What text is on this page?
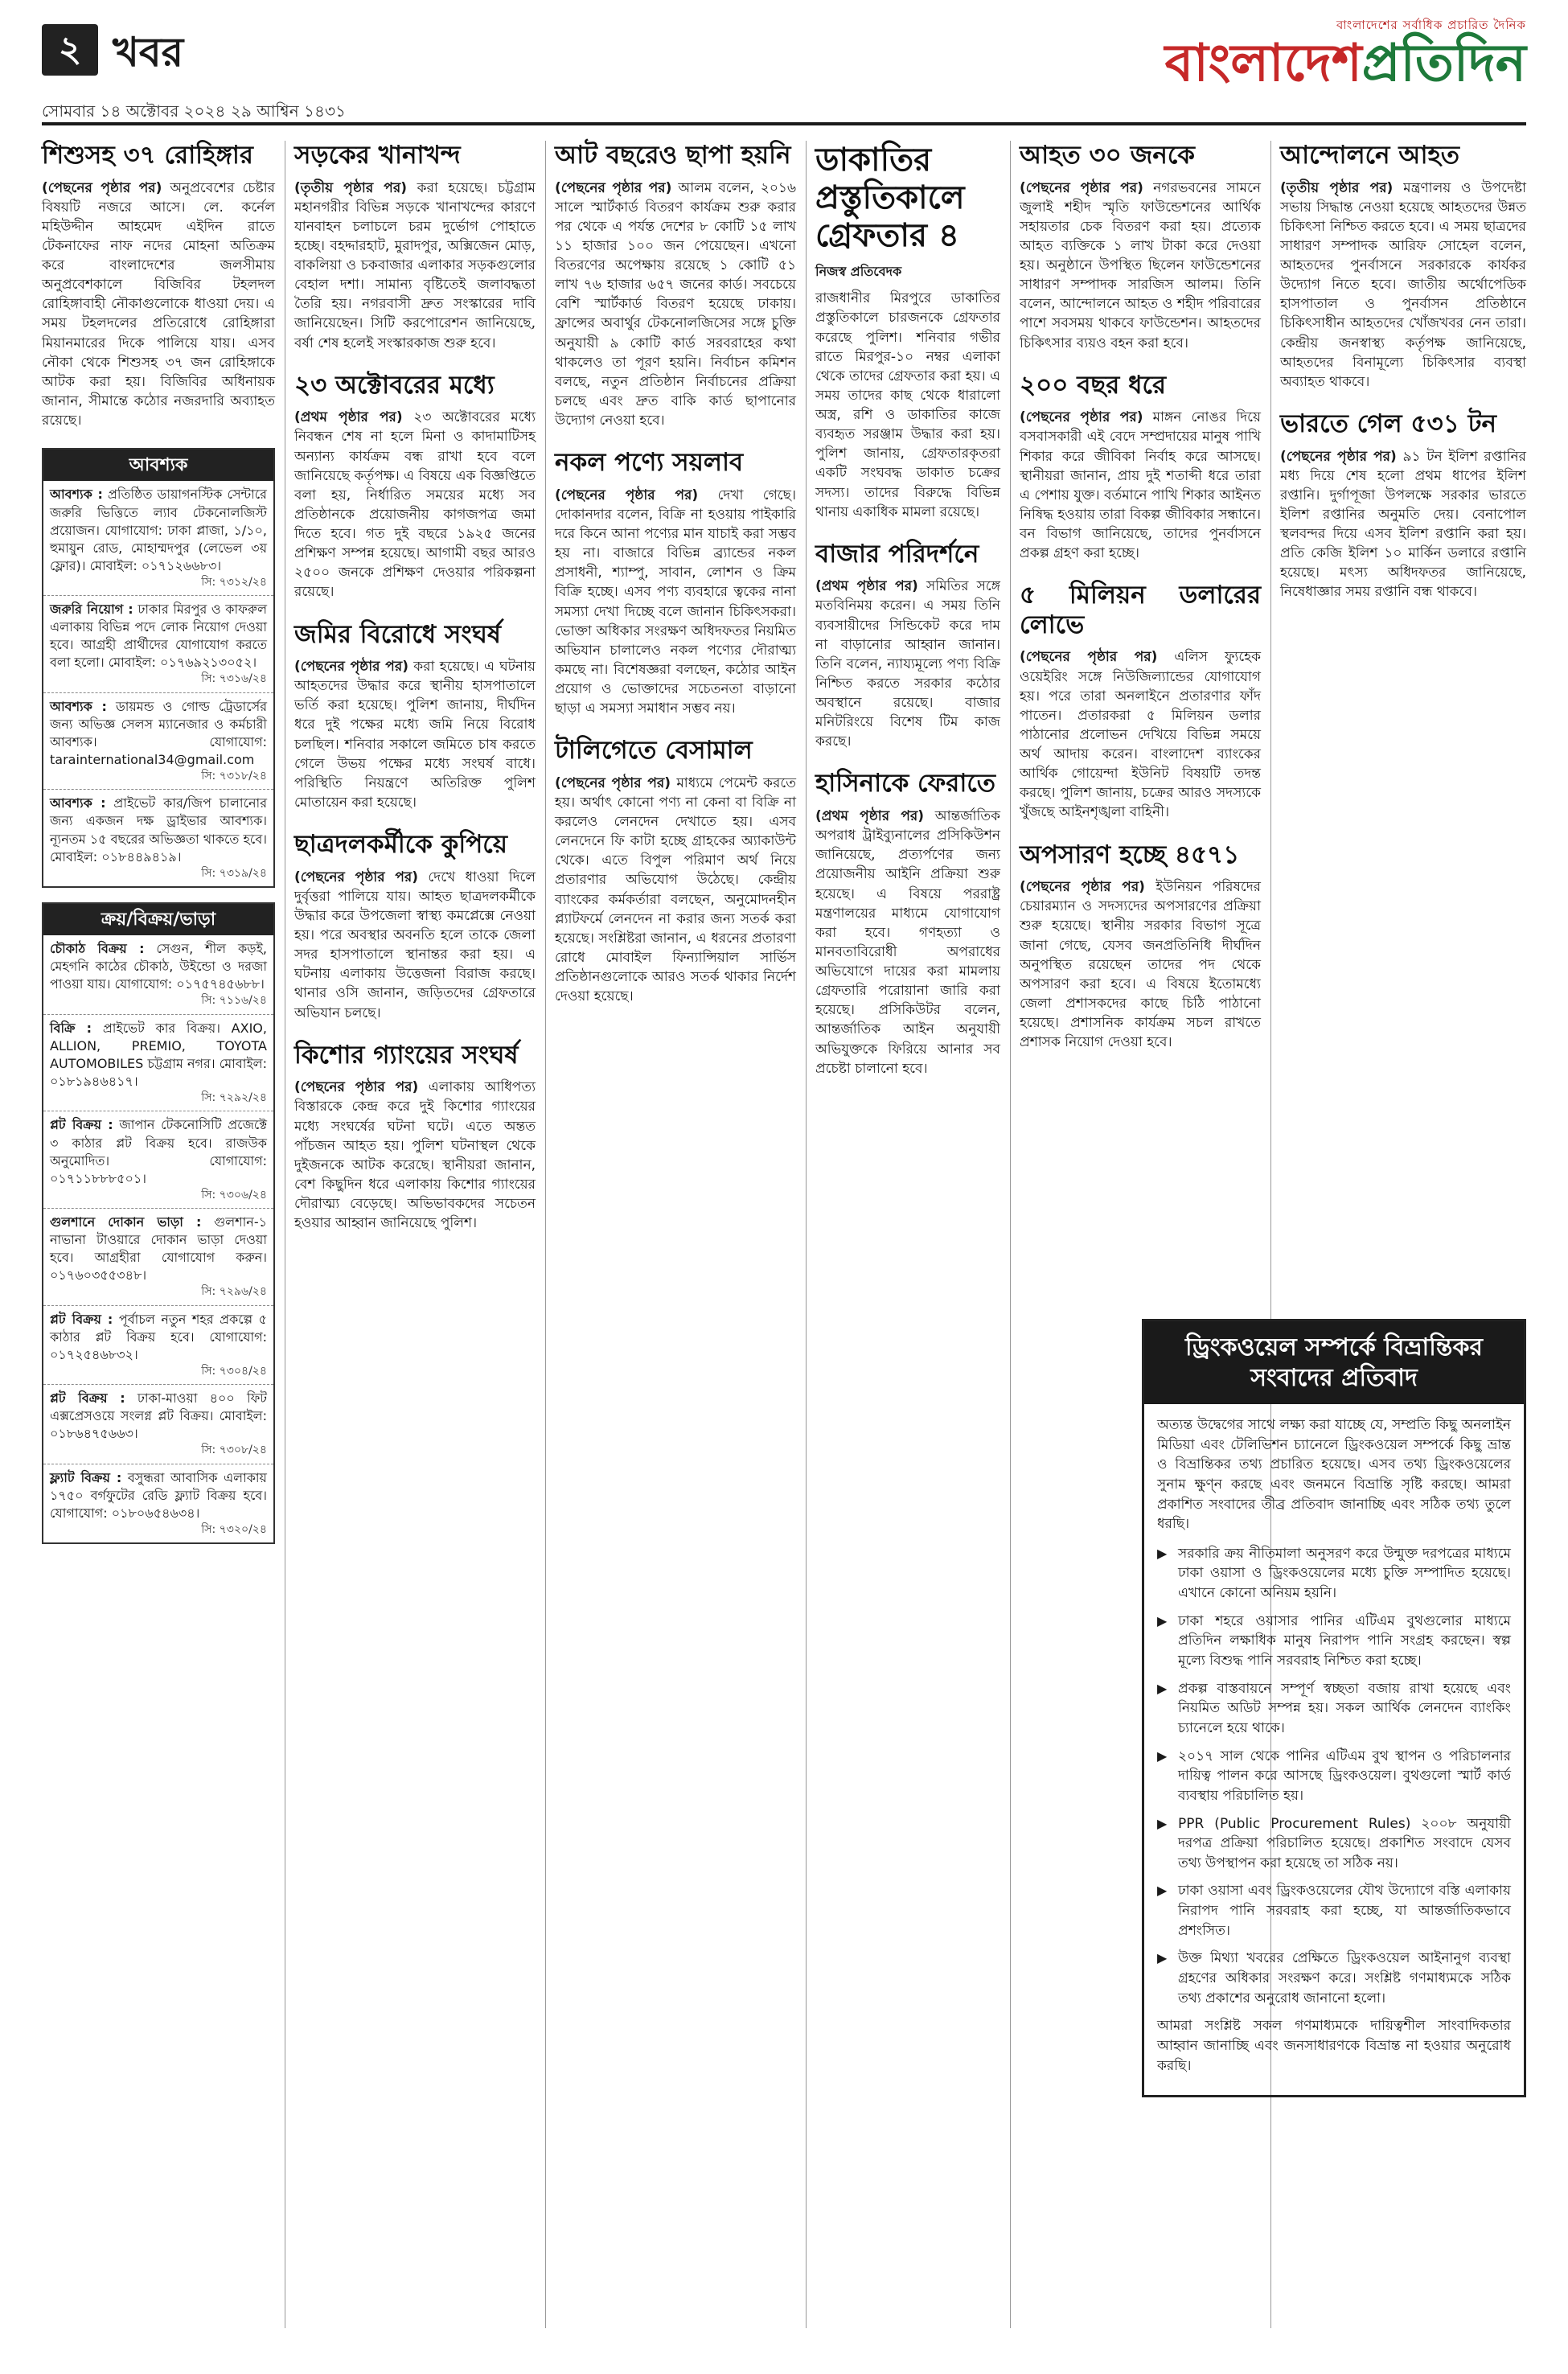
২ খবর
সোমবার ১৪ অক্টোবর ২০২৪ ২৯ আশ্বিন ১৪৩১
বাংলাদেশের সর্বাধিক প্রচারিত দৈনিক
বাংলাদেশপ্রতিদিন
শিশুসহ ৩৭ রোহিঙ্গার

(পেছনের পৃষ্ঠার পর) অনুপ্রবেশের চেষ্টার বিষয়টি নজরে আসে। লে. কর্নেল মহিউদ্দীন আহমেদ এইদিন রাতে টেকনাফের নাফ নদের মোহনা অতিক্রম করে বাংলাদেশের জলসীমায় অনুপ্রবেশকালে বিজিবির টহলদল রোহিঙ্গাবাহী নৌকাগুলোকে ধাওয়া দেয়। এ সময় টহলদলের প্রতিরোধে রোহিঙ্গারা মিয়ানমারের দিকে পালিয়ে যায়। এসব নৌকা থেকে শিশুসহ ৩৭ জন রোহিঙ্গাকে আটক করা হয়। বিজিবির অধিনায়ক জানান, সীমান্তে কঠোর নজরদারি অব্যাহত রয়েছে।

আবশ্যক
আবশ্যক : প্রতিষ্ঠিত ডায়াগনস্টিক সেন্টারে জরুরি ভিত্তিতে ল্যাব টেকনোলজিস্ট প্রয়োজন। যোগাযোগ: ঢাকা প্লাজা, ১/১০, হুমায়ুন রোড, মোহাম্মদপুর (লেভেল ৩য় ফ্লোর)। মোবাইল: ০১৭১২৬৬৮৩।
সি: ৭৩১২/২৪
জরুরি নিয়োগ : ঢাকার মিরপুর ও কাফরুল এলাকায় বিভিন্ন পদে লোক নিয়োগ দেওয়া হবে। আগ্রহী প্রার্থীদের যোগাযোগ করতে বলা হলো। মোবাইল: ০১৭৬৯২১৩০৫২।
সি: ৭৩১৬/২৪
আবশ্যক : ডায়মন্ড ও গোল্ড ট্রেডার্সের জন্য অভিজ্ঞ সেলস ম্যানেজার ও কর্মচারী আবশ্যক। যোগাযোগ: tarainternational34@gmail.com
সি: ৭৩১৮/২৪
আবশ্যক : প্রাইভেট কার/জিপ চালানোর জন্য একজন দক্ষ ড্রাইভার আবশ্যক। ন্যূনতম ১৫ বছরের অভিজ্ঞতা থাকতে হবে। মোবাইল: ০১৮৪৪৯৪১৯।
সি: ৭৩১৯/২৪
ক্রয়/বিক্রয়/ভাড়া
চৌকাঠ বিক্রয় : সেগুন, শীল কড়ই, মেহগনি কাঠের চৌকাঠ, উইন্ডো ও দরজা পাওয়া যায়। যোগাযোগ: ০১৭৫৭৪৫৬৮৮।
সি: ৭১১৬/২৪
বিক্রি : প্রাইভেট কার বিক্রয়। AXIO, ALLION, PREMIO, TOYOTA AUTOMOBILES চট্টগ্রাম নগর। মোবাইল: ০১৮১৯৪৬৪১৭।
সি: ৭২৯২/২৪
প্লট বিক্রয় : জাপান টেকনোসিটি প্রজেক্টে ৩ কাঠার প্লট বিক্রয় হবে। রাজউক অনুমোদিত। যোগাযোগ: ০১৭১১৮৮৮৫০১।
সি: ৭৩০৬/২৪
গুলশানে দোকান ভাড়া : গুলশান-১ নাভানা টাওয়ারে দোকান ভাড়া দেওয়া হবে। আগ্রহীরা যোগাযোগ করুন। ০১৭৬০৩৫৫৩৪৮।
সি: ৭২৯৬/২৪
প্লট বিক্রয় : পূর্বাচল নতুন শহর প্রকল্পে ৫ কাঠার প্লট বিক্রয় হবে। যোগাযোগ: ০১৭২৫৪৬৮৩২।
সি: ৭৩০৪/২৪
প্লট বিক্রয় : ঢাকা-মাওয়া ৪০০ ফিট এক্সপ্রেসওয়ে সংলগ্ন প্লট বিক্রয়। মোবাইল: ০১৮৬৪৭৫৬৬৩।
সি: ৭৩০৮/২৪
ফ্ল্যাট বিক্রয় : বসুন্ধরা আবাসিক এলাকায় ১৭৫০ বর্গফুটের রেডি ফ্ল্যাট বিক্রয় হবে। যোগাযোগ: ০১৮০৬৫৪৬৩৪।
সি: ৭৩২০/২৪
সড়কের খানাখন্দ

(তৃতীয় পৃষ্ঠার পর) করা হয়েছে। চট্টগ্রাম মহানগরীর বিভিন্ন সড়কে খানাখন্দের কারণে যানবাহন চলাচলে চরম দুর্ভোগ পোহাতে হচ্ছে। বহদ্দারহাট, মুরাদপুর, অক্সিজেন মোড়, বাকলিয়া ও চকবাজার এলাকার সড়কগুলোর বেহাল দশা। সামান্য বৃষ্টিতেই জলাবদ্ধতা তৈরি হয়। নগরবাসী দ্রুত সংস্কারের দাবি জানিয়েছেন। সিটি করপোরেশন জানিয়েছে, বর্ষা শেষ হলেই সংস্কারকাজ শুরু হবে।

২৩ অক্টোবরের মধ্যে

(প্রথম পৃষ্ঠার পর) ২৩ অক্টোবরের মধ্যে নিবন্ধন শেষ না হলে মিনা ও কাদামাটিসহ অন্যান্য কার্যক্রম বন্ধ রাখা হবে বলে জানিয়েছে কর্তৃপক্ষ। এ বিষয়ে এক বিজ্ঞপ্তিতে বলা হয়, নির্ধারিত সময়ের মধ্যে সব প্রতিষ্ঠানকে প্রয়োজনীয় কাগজপত্র জমা দিতে হবে। গত দুই বছরে ১৯২৫ জনের প্রশিক্ষণ সম্পন্ন হয়েছে। আগামী বছর আরও ২৫০০ জনকে প্রশিক্ষণ দেওয়ার পরিকল্পনা রয়েছে।

জমির বিরোধে সংঘর্ষ

(পেছনের পৃষ্ঠার পর) করা হয়েছে। এ ঘটনায় আহতদের উদ্ধার করে স্থানীয় হাসপাতালে ভর্তি করা হয়েছে। পুলিশ জানায়, দীর্ঘদিন ধরে দুই পক্ষের মধ্যে জমি নিয়ে বিরোধ চলছিল। শনিবার সকালে জমিতে চাষ করতে গেলে উভয় পক্ষের মধ্যে সংঘর্ষ বাধে। পরিস্থিতি নিয়ন্ত্রণে অতিরিক্ত পুলিশ মোতায়েন করা হয়েছে।

ছাত্রদলকর্মীকে কুপিয়ে

(পেছনের পৃষ্ঠার পর) দেখে ধাওয়া দিলে দুর্বৃত্তরা পালিয়ে যায়। আহত ছাত্রদলকর্মীকে উদ্ধার করে উপজেলা স্বাস্থ্য কমপ্লেক্সে নেওয়া হয়। পরে অবস্থার অবনতি হলে তাকে জেলা সদর হাসপাতালে স্থানান্তর করা হয়। এ ঘটনায় এলাকায় উত্তেজনা বিরাজ করছে। থানার ওসি জানান, জড়িতদের গ্রেফতারে অভিযান চলছে।

কিশোর গ্যাংয়ের সংঘর্ষ

(পেছনের পৃষ্ঠার পর) এলাকায় আধিপত্য বিস্তারকে কেন্দ্র করে দুই কিশোর গ্যাংয়ের মধ্যে সংঘর্ষের ঘটনা ঘটে। এতে অন্তত পাঁচজন আহত হয়। পুলিশ ঘটনাস্থল থেকে দুইজনকে আটক করেছে। স্থানীয়রা জানান, বেশ কিছুদিন ধরে এলাকায় কিশোর গ্যাংয়ের দৌরাত্ম্য বেড়েছে। অভিভাবকদের সচেতন হওয়ার আহ্বান জানিয়েছে পুলিশ।

আট বছরেও ছাপা হয়নি

(পেছনের পৃষ্ঠার পর) আলম বলেন, ২০১৬ সালে স্মার্টকার্ড বিতরণ কার্যক্রম শুরু করার পর থেকে এ পর্যন্ত দেশের ৮ কোটি ১৫ লাখ ১১ হাজার ১০০ জন পেয়েছেন। এখনো বিতরণের অপেক্ষায় রয়েছে ১ কোটি ৫১ লাখ ৭৬ হাজার ৬৫৭ জনের কার্ড। সবচেয়ে বেশি স্মার্টকার্ড বিতরণ হয়েছে ঢাকায়। ফ্রান্সের অবার্থুর টেকনোলজিসের সঙ্গে চুক্তি অনুযায়ী ৯ কোটি কার্ড সরবরাহের কথা থাকলেও তা পূরণ হয়নি। নির্বাচন কমিশন বলছে, নতুন প্রতিষ্ঠান নির্বাচনের প্রক্রিয়া চলছে এবং দ্রুত বাকি কার্ড ছাপানোর উদ্যোগ নেওয়া হবে।

নকল পণ্যে সয়লাব

(পেছনের পৃষ্ঠার পর) দেখা গেছে। দোকানদার বলেন, বিক্রি না হওয়ায় পাইকারি দরে কিনে আনা পণ্যের মান যাচাই করা সম্ভব হয় না। বাজারে বিভিন্ন ব্র্যান্ডের নকল প্রসাধনী, শ্যাম্পু, সাবান, লোশন ও ক্রিম বিক্রি হচ্ছে। এসব পণ্য ব্যবহারে ত্বকের নানা সমস্যা দেখা দিচ্ছে বলে জানান চিকিৎসকরা। ভোক্তা অধিকার সংরক্ষণ অধিদফতর নিয়মিত অভিযান চালালেও নকল পণ্যের দৌরাত্ম্য কমছে না। বিশেষজ্ঞরা বলছেন, কঠোর আইন প্রয়োগ ও ভোক্তাদের সচেতনতা বাড়ানো ছাড়া এ সমস্যা সমাধান সম্ভব নয়।

টালিগেতে বেসামাল

(পেছনের পৃষ্ঠার পর) মাধ্যমে পেমেন্ট করতে হয়। অর্থাৎ কোনো পণ্য না কেনা বা বিক্রি না করলেও লেনদেন দেখাতে হয়। এসব লেনদেনে ফি কাটা হচ্ছে গ্রাহকের অ্যাকাউন্ট থেকে। এতে বিপুল পরিমাণ অর্থ নিয়ে প্রতারণার অভিযোগ উঠেছে। কেন্দ্রীয় ব্যাংকের কর্মকর্তারা বলছেন, অনুমোদনহীন প্ল্যাটফর্মে লেনদেন না করার জন্য সতর্ক করা হয়েছে। সংশ্লিষ্টরা জানান, এ ধরনের প্রতারণা রোধে মোবাইল ফিন্যান্সিয়াল সার্ভিস প্রতিষ্ঠানগুলোকে আরও সতর্ক থাকার নির্দেশ দেওয়া হয়েছে।

ডাকাতির প্রস্তুতিকালে গ্রেফতার ৪

নিজস্ব প্রতিবেদক

রাজধানীর মিরপুরে ডাকাতির প্রস্তুতিকালে চারজনকে গ্রেফতার করেছে পুলিশ। শনিবার গভীর রাতে মিরপুর-১০ নম্বর এলাকা থেকে তাদের গ্রেফতার করা হয়। এ সময় তাদের কাছ থেকে ধারালো অস্ত্র, রশি ও ডাকাতির কাজে ব্যবহৃত সরঞ্জাম উদ্ধার করা হয়। পুলিশ জানায়, গ্রেফতারকৃতরা একটি সংঘবদ্ধ ডাকাত চক্রের সদস্য। তাদের বিরুদ্ধে বিভিন্ন থানায় একাধিক মামলা রয়েছে।

বাজার পরিদর্শনে

(প্রথম পৃষ্ঠার পর) সমিতির সঙ্গে মতবিনিময় করেন। এ সময় তিনি ব্যবসায়ীদের সিন্ডিকেট করে দাম না বাড়ানোর আহ্বান জানান। তিনি বলেন, ন্যায্যমূল্যে পণ্য বিক্রি নিশ্চিত করতে সরকার কঠোর অবস্থানে রয়েছে। বাজার মনিটরিংয়ে বিশেষ টিম কাজ করছে।

হাসিনাকে ফেরাতে

(প্রথম পৃষ্ঠার পর) আন্তর্জাতিক অপরাধ ট্রাইব্যুনালের প্রসিকিউশন জানিয়েছে, প্রত্যর্পণের জন্য প্রয়োজনীয় আইনি প্রক্রিয়া শুরু হয়েছে। এ বিষয়ে পররাষ্ট্র মন্ত্রণালয়ের মাধ্যমে যোগাযোগ করা হবে। গণহত্যা ও মানবতাবিরোধী অপরাধের অভিযোগে দায়ের করা মামলায় গ্রেফতারি পরোয়ানা জারি করা হয়েছে। প্রসিকিউটর বলেন, আন্তর্জাতিক আইন অনুযায়ী অভিযুক্তকে ফিরিয়ে আনার সব প্রচেষ্টা চালানো হবে।

আহত ৩০ জনকে

(পেছনের পৃষ্ঠার পর) নগরভবনের সামনে জুলাই শহীদ স্মৃতি ফাউন্ডেশনের আর্থিক সহায়তার চেক বিতরণ করা হয়। প্রত্যেক আহত ব্যক্তিকে ১ লাখ টাকা করে দেওয়া হয়। অনুষ্ঠানে উপস্থিত ছিলেন ফাউন্ডেশনের সাধারণ সম্পাদক সারজিস আলম। তিনি বলেন, আন্দোলনে আহত ও শহীদ পরিবারের পাশে সবসময় থাকবে ফাউন্ডেশন। আহতদের চিকিৎসার ব্যয়ও বহন করা হবে।

২০০ বছর ধরে

(পেছনের পৃষ্ঠার পর) মাঙ্গন নোঙর দিয়ে বসবাসকারী এই বেদে সম্প্রদায়ের মানুষ পাখি শিকার করে জীবিকা নির্বাহ করে আসছে। স্থানীয়রা জানান, প্রায় দুই শতাব্দী ধরে তারা এ পেশায় যুক্ত। বর্তমানে পাখি শিকার আইনত নিষিদ্ধ হওয়ায় তারা বিকল্প জীবিকার সন্ধানে। বন বিভাগ জানিয়েছে, তাদের পুনর্বাসনে প্রকল্প গ্রহণ করা হচ্ছে।

৫ মিলিয়ন ডলারের লোভে

(পেছনের পৃষ্ঠার পর) এলিস ফ্যুহেক ওয়েইরিং সঙ্গে নিউজিল্যান্ডের যোগাযোগ হয়। পরে তারা অনলাইনে প্রতারণার ফাঁদ পাতেন। প্রতারকরা ৫ মিলিয়ন ডলার পাঠানোর প্রলোভন দেখিয়ে বিভিন্ন সময়ে অর্থ আদায় করেন। বাংলাদেশ ব্যাংকের আর্থিক গোয়েন্দা ইউনিট বিষয়টি তদন্ত করছে। পুলিশ জানায়, চক্রের আরও সদস্যকে খুঁজছে আইনশৃঙ্খলা বাহিনী।

অপসারণ হচ্ছে ৪৫৭১

(পেছনের পৃষ্ঠার পর) ইউনিয়ন পরিষদের চেয়ারম্যান ও সদস্যদের অপসারণের প্রক্রিয়া শুরু হয়েছে। স্থানীয় সরকার বিভাগ সূত্রে জানা গেছে, যেসব জনপ্রতিনিধি দীর্ঘদিন অনুপস্থিত রয়েছেন তাদের পদ থেকে অপসারণ করা হবে। এ বিষয়ে ইতোমধ্যে জেলা প্রশাসকদের কাছে চিঠি পাঠানো হয়েছে। প্রশাসনিক কার্যক্রম সচল রাখতে প্রশাসক নিয়োগ দেওয়া হবে।

আন্দোলনে আহত

(তৃতীয় পৃষ্ঠার পর) মন্ত্রণালয় ও উপদেষ্টা সভায় সিদ্ধান্ত নেওয়া হয়েছে আহতদের উন্নত চিকিৎসা নিশ্চিত করতে হবে। এ সময় ছাত্রদের সাধারণ সম্পাদক আরিফ সোহেল বলেন, আহতদের পুনর্বাসনে সরকারকে কার্যকর উদ্যোগ নিতে হবে। জাতীয় অর্থোপেডিক হাসপাতাল ও পুনর্বাসন প্রতিষ্ঠানে চিকিৎসাধীন আহতদের খোঁজখবর নেন তারা। কেন্দ্রীয় জনস্বাস্থ্য কর্তৃপক্ষ জানিয়েছে, আহতদের বিনামূল্যে চিকিৎসার ব্যবস্থা অব্যাহত থাকবে।

ভারতে গেল ৫৩১ টন

(পেছনের পৃষ্ঠার পর) ৯১ টন ইলিশ রপ্তানির মধ্য দিয়ে শেষ হলো প্রথম ধাপের ইলিশ রপ্তানি। দুর্গাপূজা উপলক্ষে সরকার ভারতে ইলিশ রপ্তানির অনুমতি দেয়। বেনাপোল স্থলবন্দর দিয়ে এসব ইলিশ রপ্তানি করা হয়। প্রতি কেজি ইলিশ ১০ মার্কিন ডলারে রপ্তানি হয়েছে। মৎস্য অধিদফতর জানিয়েছে, নিষেধাজ্ঞার সময় রপ্তানি বন্ধ থাকবে।

ড্রিংকওয়েল সম্পর্কে বিভ্রান্তিকর সংবাদের প্রতিবাদ

অত্যন্ত উদ্বেগের সাথে লক্ষ্য করা যাচ্ছে যে, সম্প্রতি কিছু অনলাইন মিডিয়া এবং টেলিভিশন চ্যানেলে ড্রিংকওয়েল সম্পর্কে কিছু ভ্রান্ত ও বিভ্রান্তিকর তথ্য প্রচারিত হয়েছে। এসব তথ্য ড্রিংকওয়েলের সুনাম ক্ষুণ্ন করছে এবং জনমনে বিভ্রান্তি সৃষ্টি করছে। আমরা প্রকাশিত সংবাদের তীব্র প্রতিবাদ জানাচ্ছি এবং সঠিক তথ্য তুলে ধরছি।

▶ সরকারি ক্রয় নীতিমালা অনুসরণ করে উন্মুক্ত দরপত্রের মাধ্যমে ঢাকা ওয়াসা ও ড্রিংকওয়েলের মধ্যে চুক্তি সম্পাদিত হয়েছে। এখানে কোনো অনিয়ম হয়নি।
▶ ঢাকা শহরে ওয়াসার পানির এটিএম বুথগুলোর মাধ্যমে প্রতিদিন লক্ষাধিক মানুষ নিরাপদ পানি সংগ্রহ করছেন। স্বল্প মূল্যে বিশুদ্ধ পানি সরবরাহ নিশ্চিত করা হচ্ছে।
▶ প্রকল্প বাস্তবায়নে সম্পূর্ণ স্বচ্ছতা বজায় রাখা হয়েছে এবং নিয়মিত অডিট সম্পন্ন হয়। সকল আর্থিক লেনদেন ব্যাংকিং চ্যানেলে হয়ে থাকে।
▶ ২০১৭ সাল থেকে পানির এটিএম বুথ স্থাপন ও পরিচালনার দায়িত্ব পালন করে আসছে ড্রিংকওয়েল। বুথগুলো স্মার্ট কার্ড ব্যবস্থায় পরিচালিত হয়।
▶ PPR (Public Procurement Rules) ২০০৮ অনুযায়ী দরপত্র প্রক্রিয়া পরিচালিত হয়েছে। প্রকাশিত সংবাদে যেসব তথ্য উপস্থাপন করা হয়েছে তা সঠিক নয়।
▶ ঢাকা ওয়াসা এবং ড্রিংকওয়েলের যৌথ উদ্যোগে বস্তি এলাকায় নিরাপদ পানি সরবরাহ করা হচ্ছে, যা আন্তর্জাতিকভাবে প্রশংসিত।
▶ উক্ত মিথ্যা খবরের প্রেক্ষিতে ড্রিংকওয়েল আইনানুগ ব্যবস্থা গ্রহণের অধিকার সংরক্ষণ করে। সংশ্লিষ্ট গণমাধ্যমকে সঠিক তথ্য প্রকাশের অনুরোধ জানানো হলো।

আমরা সংশ্লিষ্ট সকল গণমাধ্যমকে দায়িত্বশীল সাংবাদিকতার আহ্বান জানাচ্ছি এবং জনসাধারণকে বিভ্রান্ত না হওয়ার অনুরোধ করছি।
